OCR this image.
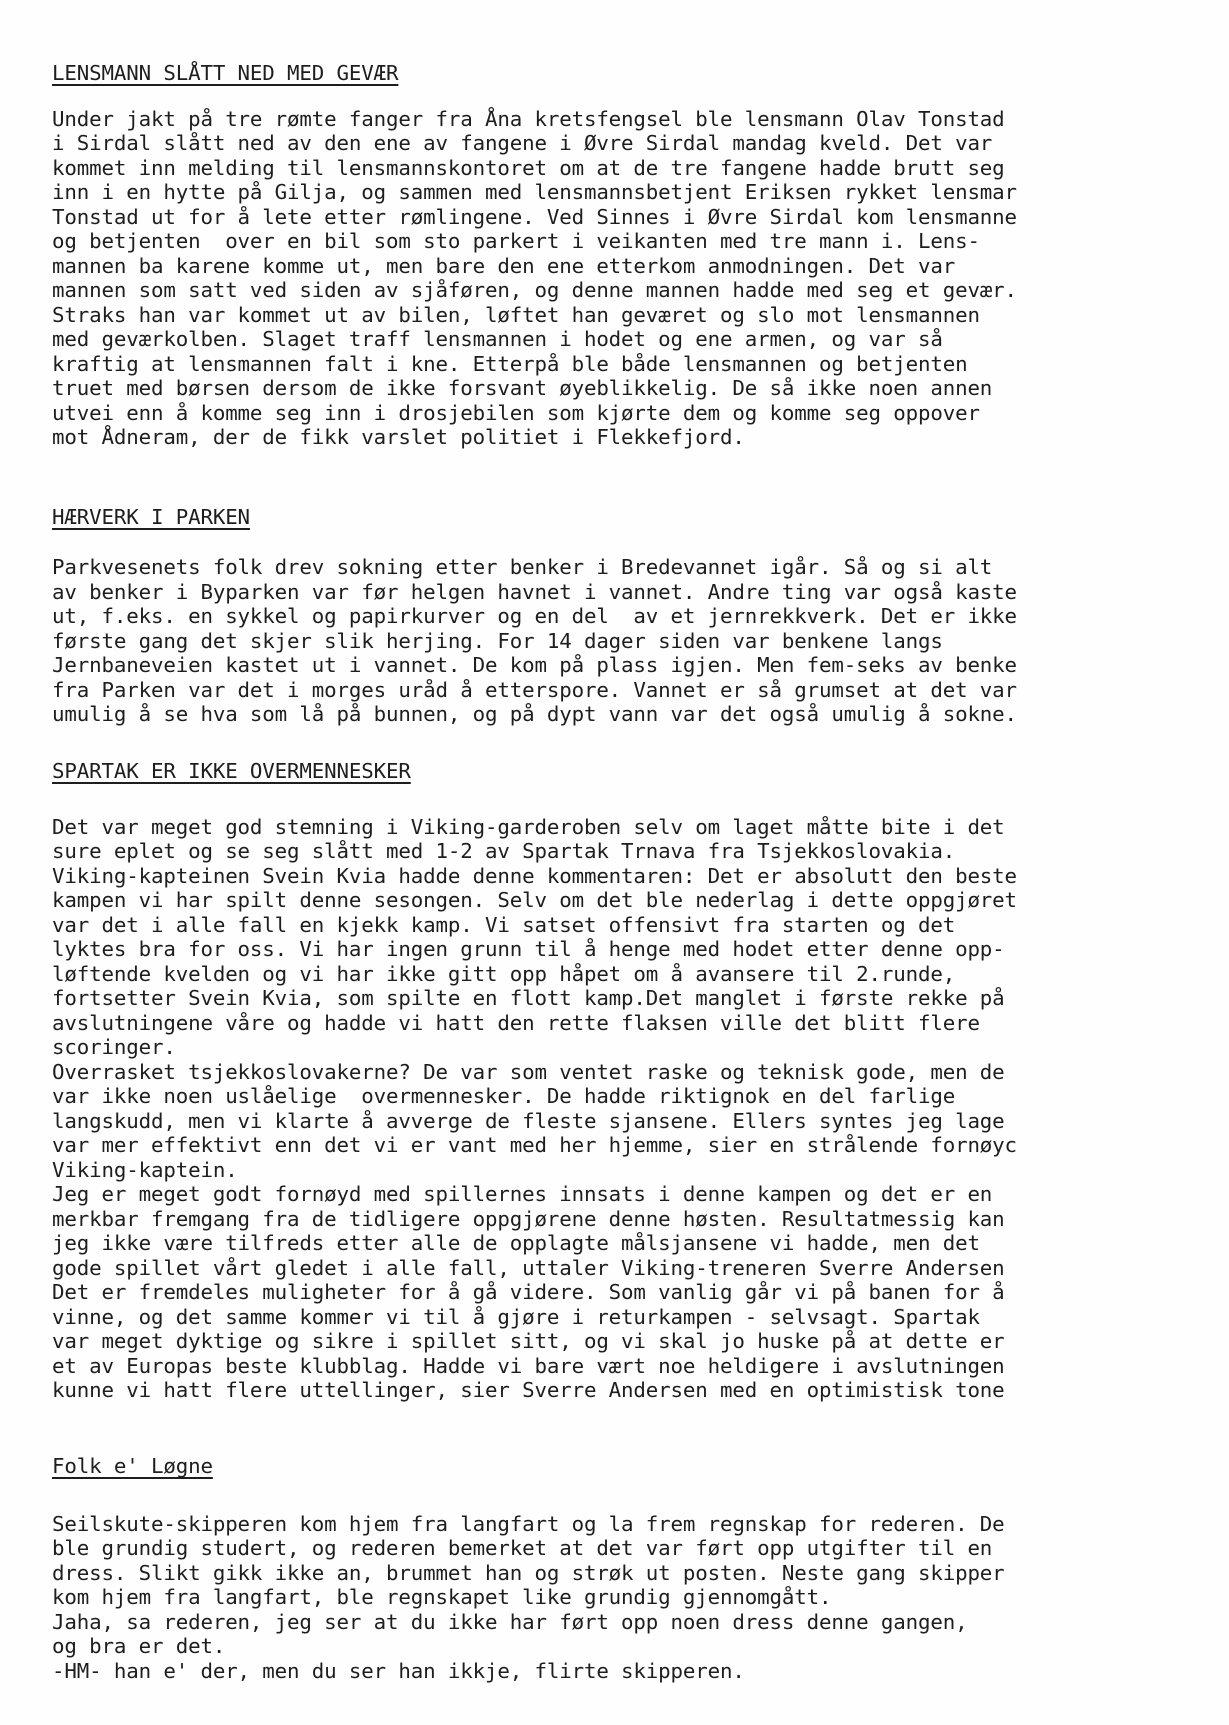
LENSMANN SLÅTT NED MED GEVÆR
Under jakt på tre rømte fanger fra Åna kretsfengsel ble lensmann Olav Tonstad
i Sirdal slått ned av den ene av fangene i Øvre Sirdal mandag kveld. Det var
kommet inn melding til lensmannskontoret om at de tre fangene hadde brutt seg
inn i en hytte på Gilja, og sammen med lensmannsbetjent Eriksen rykket lensmar
Tonstad ut for å lete etter rømlingene. Ved Sinnes i Øvre Sirdal kom lensmanne
og betjenten  over en bil som sto parkert i veikanten med tre mann i. Lens-
mannen ba karene komme ut, men bare den ene etterkom anmodningen. Det var
mannen som satt ved siden av sjåføren, og denne mannen hadde med seg et gevær.
Straks han var kommet ut av bilen, løftet han geværet og slo mot lensmannen
med geværkolben. Slaget traff lensmannen i hodet og ene armen, og var så
kraftig at lensmannen falt i kne. Etterpå ble både lensmannen og betjenten
truet med børsen dersom de ikke forsvant øyeblikkelig. De så ikke noen annen
utvei enn å komme seg inn i drosjebilen som kjørte dem og komme seg oppover
mot Ådneram, der de fikk varslet politiet i Flekkefjord.
HÆRVERK I PARKEN
Parkvesenets folk drev sokning etter benker i Bredevannet igår. Så og si alt
av benker i Byparken var før helgen havnet i vannet. Andre ting var også kaste
ut, f.eks. en sykkel og papirkurver og en del  av et jernrekkverk. Det er ikke
første gang det skjer slik herjing. For 14 dager siden var benkene langs
Jernbaneveien kastet ut i vannet. De kom på plass igjen. Men fem-seks av benke
fra Parken var det i morges uråd å etterspore. Vannet er så grumset at det var
umulig å se hva som lå på bunnen, og på dypt vann var det også umulig å sokne.
SPARTAK ER IKKE OVERMENNESKER
Det var meget god stemning i Viking-garderoben selv om laget måtte bite i det
sure eplet og se seg slått med 1-2 av Spartak Trnava fra Tsjekkoslovakia.
Viking-kapteinen Svein Kvia hadde denne kommentaren: Det er absolutt den beste
kampen vi har spilt denne sesongen. Selv om det ble nederlag i dette oppgjøret
var det i alle fall en kjekk kamp. Vi satset offensivt fra starten og det
lyktes bra for oss. Vi har ingen grunn til å henge med hodet etter denne opp-
løftende kvelden og vi har ikke gitt opp håpet om å avansere til 2.runde,
fortsetter Svein Kvia, som spilte en flott kamp.Det manglet i første rekke på
avslutningene våre og hadde vi hatt den rette flaksen ville det blitt flere
scoringer.
Overrasket tsjekkoslovakerne? De var som ventet raske og teknisk gode, men de
var ikke noen uslåelige  overmennesker. De hadde riktignok en del farlige
langskudd, men vi klarte å avverge de fleste sjansene. Ellers syntes jeg lage
var mer effektivt enn det vi er vant med her hjemme, sier en strålende fornøyc
Viking-kaptein.
Jeg er meget godt fornøyd med spillernes innsats i denne kampen og det er en
merkbar fremgang fra de tidligere oppgjørene denne høsten. Resultatmessig kan
jeg ikke være tilfreds etter alle de opplagte målsjansene vi hadde, men det
gode spillet vårt gledet i alle fall, uttaler Viking-treneren Sverre Andersen
Det er fremdeles muligheter for å gå videre. Som vanlig går vi på banen for å
vinne, og det samme kommer vi til å gjøre i returkampen - selvsagt. Spartak
var meget dyktige og sikre i spillet sitt, og vi skal jo huske på at dette er
et av Europas beste klubblag. Hadde vi bare vært noe heldigere i avslutningen
kunne vi hatt flere uttellinger, sier Sverre Andersen med en optimistisk tone
Folk e' Løgne
Seilskute-skipperen kom hjem fra langfart og la frem regnskap for rederen. De
ble grundig studert, og rederen bemerket at det var ført opp utgifter til en
dress. Slikt gikk ikke an, brummet han og strøk ut posten. Neste gang skipper
kom hjem fra langfart, ble regnskapet like grundig gjennomgått.
Jaha, sa rederen, jeg ser at du ikke har ført opp noen dress denne gangen,
og bra er det.
-HM- han e' der, men du ser han ikkje, flirte skipperen.
